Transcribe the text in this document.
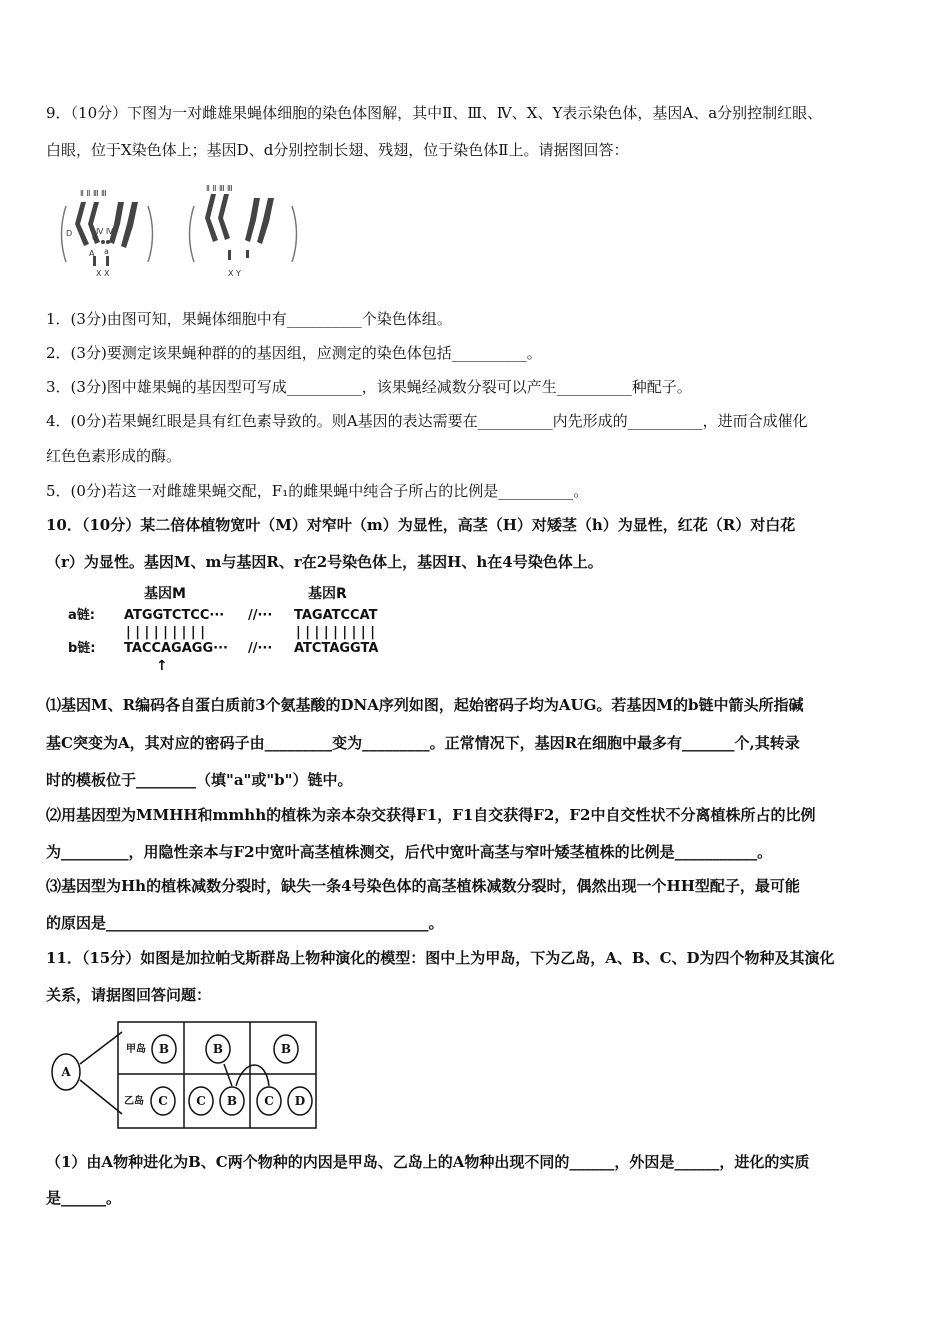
9．（10分）下图为一对雌雄果蝇体细胞的染色体图解，其中Ⅱ、Ⅲ、Ⅳ、X、Y表示染色体，基因A、a分别控制红眼、
白眼，位于X染色体上；基因D、d分别控制长翅、残翅，位于染色体Ⅱ上。请据图回答：
Ⅱ Ⅱ Ⅲ Ⅲ
X X
Ⅱ Ⅱ Ⅲ Ⅲ
X Y
D d
A a
Ⅳ Ⅳ
1．(3分)由图可知，果蝇体细胞中有__________个染色体组。
2．(3分)要测定该果蝇种群的的基因组，应测定的染色体包括__________。
3．(3分)图中雄果蝇的基因型可写成__________，该果蝇经减数分裂可以产生__________种配子。
4．(0分)若果蝇红眼是具有红色素导致的。则A基因的表达需要在__________内先形成的__________，进而合成催化
红色色素形成的酶。
5．(0分)若这一对雌雄果蝇交配，F₁的雌果蝇中纯合子所占的比例是__________。
10．（10分）某二倍体植物宽叶（M）对窄叶（m）为显性，高茎（H）对矮茎（h）为显性，红花（R）对白花
（r）为显性。基因M、m与基因R、r在2号染色体上，基因H、h在4号染色体上。
基因M	基因R
a链: ATGGTCTCC··· //··· TAGATCCAT
| | | | | | | | |	| | | | | | | | |
b链: TACCAGAGG··· //··· ATCTAGGTA
↑
⑴基因M、R编码各自蛋白质前3个氨基酸的DNA序列如图，起始密码子均为AUG。若基因M的b链中箭头所指碱
基C突变为A，其对应的密码子由_________变为_________。正常情况下，基因R在细胞中最多有_______个,其转录
时的模板位于________（填"a"或"b"）链中。
⑵用基因型为MMHH和mmhh的植株为亲本杂交获得F1，F1自交获得F2，F2中自交性状不分离植株所占的比例
为_________，用隐性亲本与F2中宽叶高茎植株测交，后代中宽叶高茎与窄叶矮茎植株的比例是___________。
⑶基因型为Hh的植株减数分裂时，缺失一条4号染色体的高茎植株减数分裂时，偶然出现一个HH型配子，最可能
的原因是___________________________________________。
11．（15分）如图是加拉帕戈斯群岛上物种演化的模型：图中上为甲岛，下为乙岛，A、B、C、D为四个物种及其演化
关系，请据图回答问题：
A
B	B	B
C C B C D
甲岛
乙岛
（1）由A物种进化为B、C两个物种的内因是甲岛、乙岛上的A物种出现不同的______，外因是______，进化的实质
是______。
